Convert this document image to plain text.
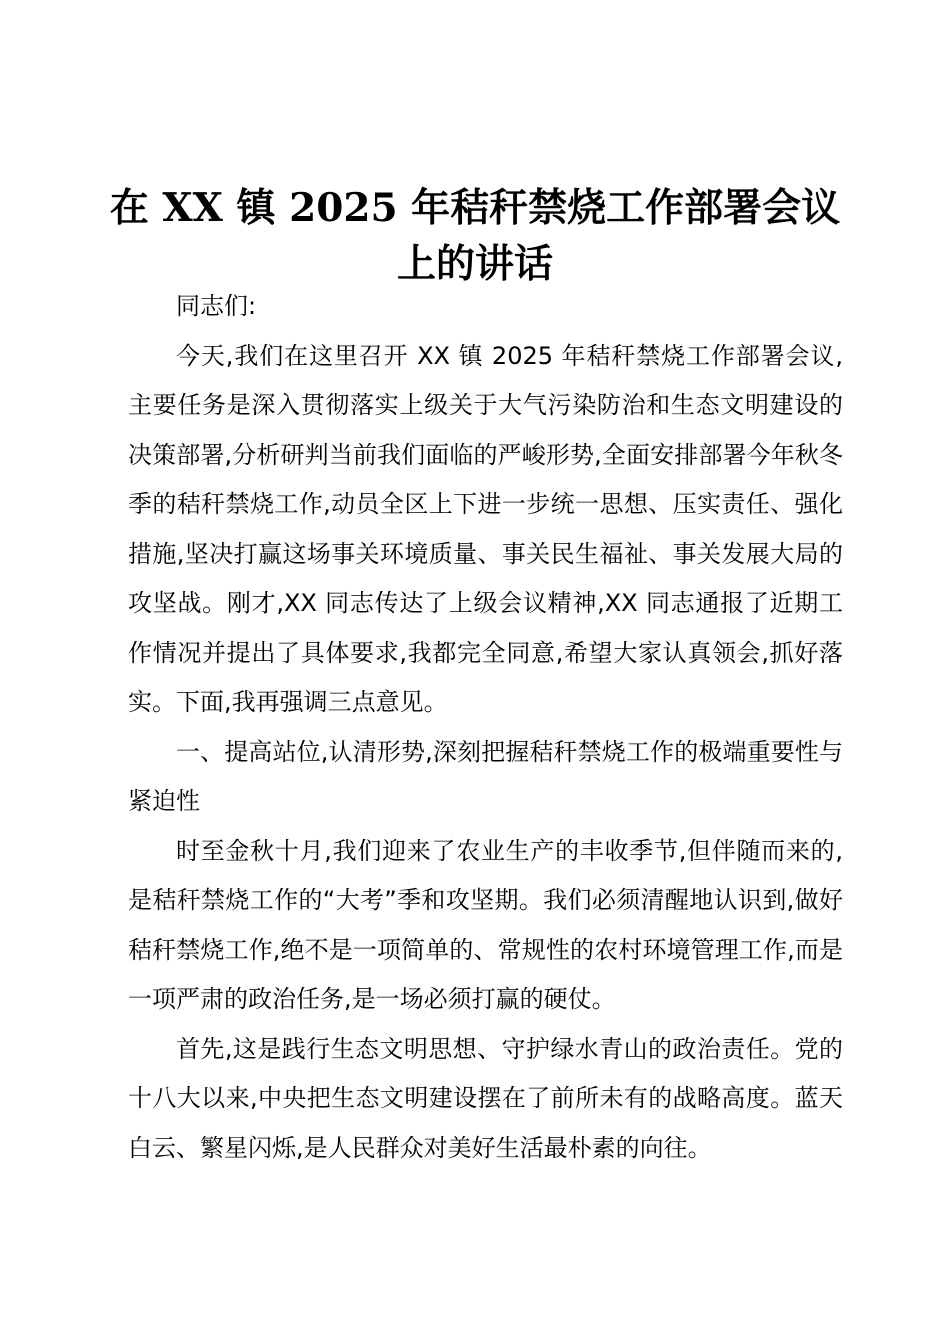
在 XX 镇 2025 年秸秆禁烧工作部署会议上的讲话

同志们:

今天,我们在这里召开 XX 镇 2025 年秸秆禁烧工作部署会议,主要任务是深入贯彻落实上级关于大气污染防治和生态文明建设的决策部署,分析研判当前我们面临的严峻形势,全面安排部署今年秋冬季的秸秆禁烧工作,动员全区上下进一步统一思想、压实责任、强化措施,坚决打赢这场事关环境质量、事关民生福祉、事关发展大局的攻坚战。刚才,XX 同志传达了上级会议精神,XX 同志通报了近期工作情况并提出了具体要求,我都完全同意,希望大家认真领会,抓好落实。下面,我再强调三点意见。

一、提高站位,认清形势,深刻把握秸秆禁烧工作的极端重要性与紧迫性

时至金秋十月,我们迎来了农业生产的丰收季节,但伴随而来的,是秸秆禁烧工作的“大考”季和攻坚期。我们必须清醒地认识到,做好秸秆禁烧工作,绝不是一项简单的、常规性的农村环境管理工作,而是一项严肃的政治任务,是一场必须打赢的硬仗。

首先,这是践行生态文明思想、守护绿水青山的政治责任。党的十八大以来,中央把生态文明建设摆在了前所未有的战略高度。蓝天白云、繁星闪烁,是人民群众对美好生活最朴素的向往。
